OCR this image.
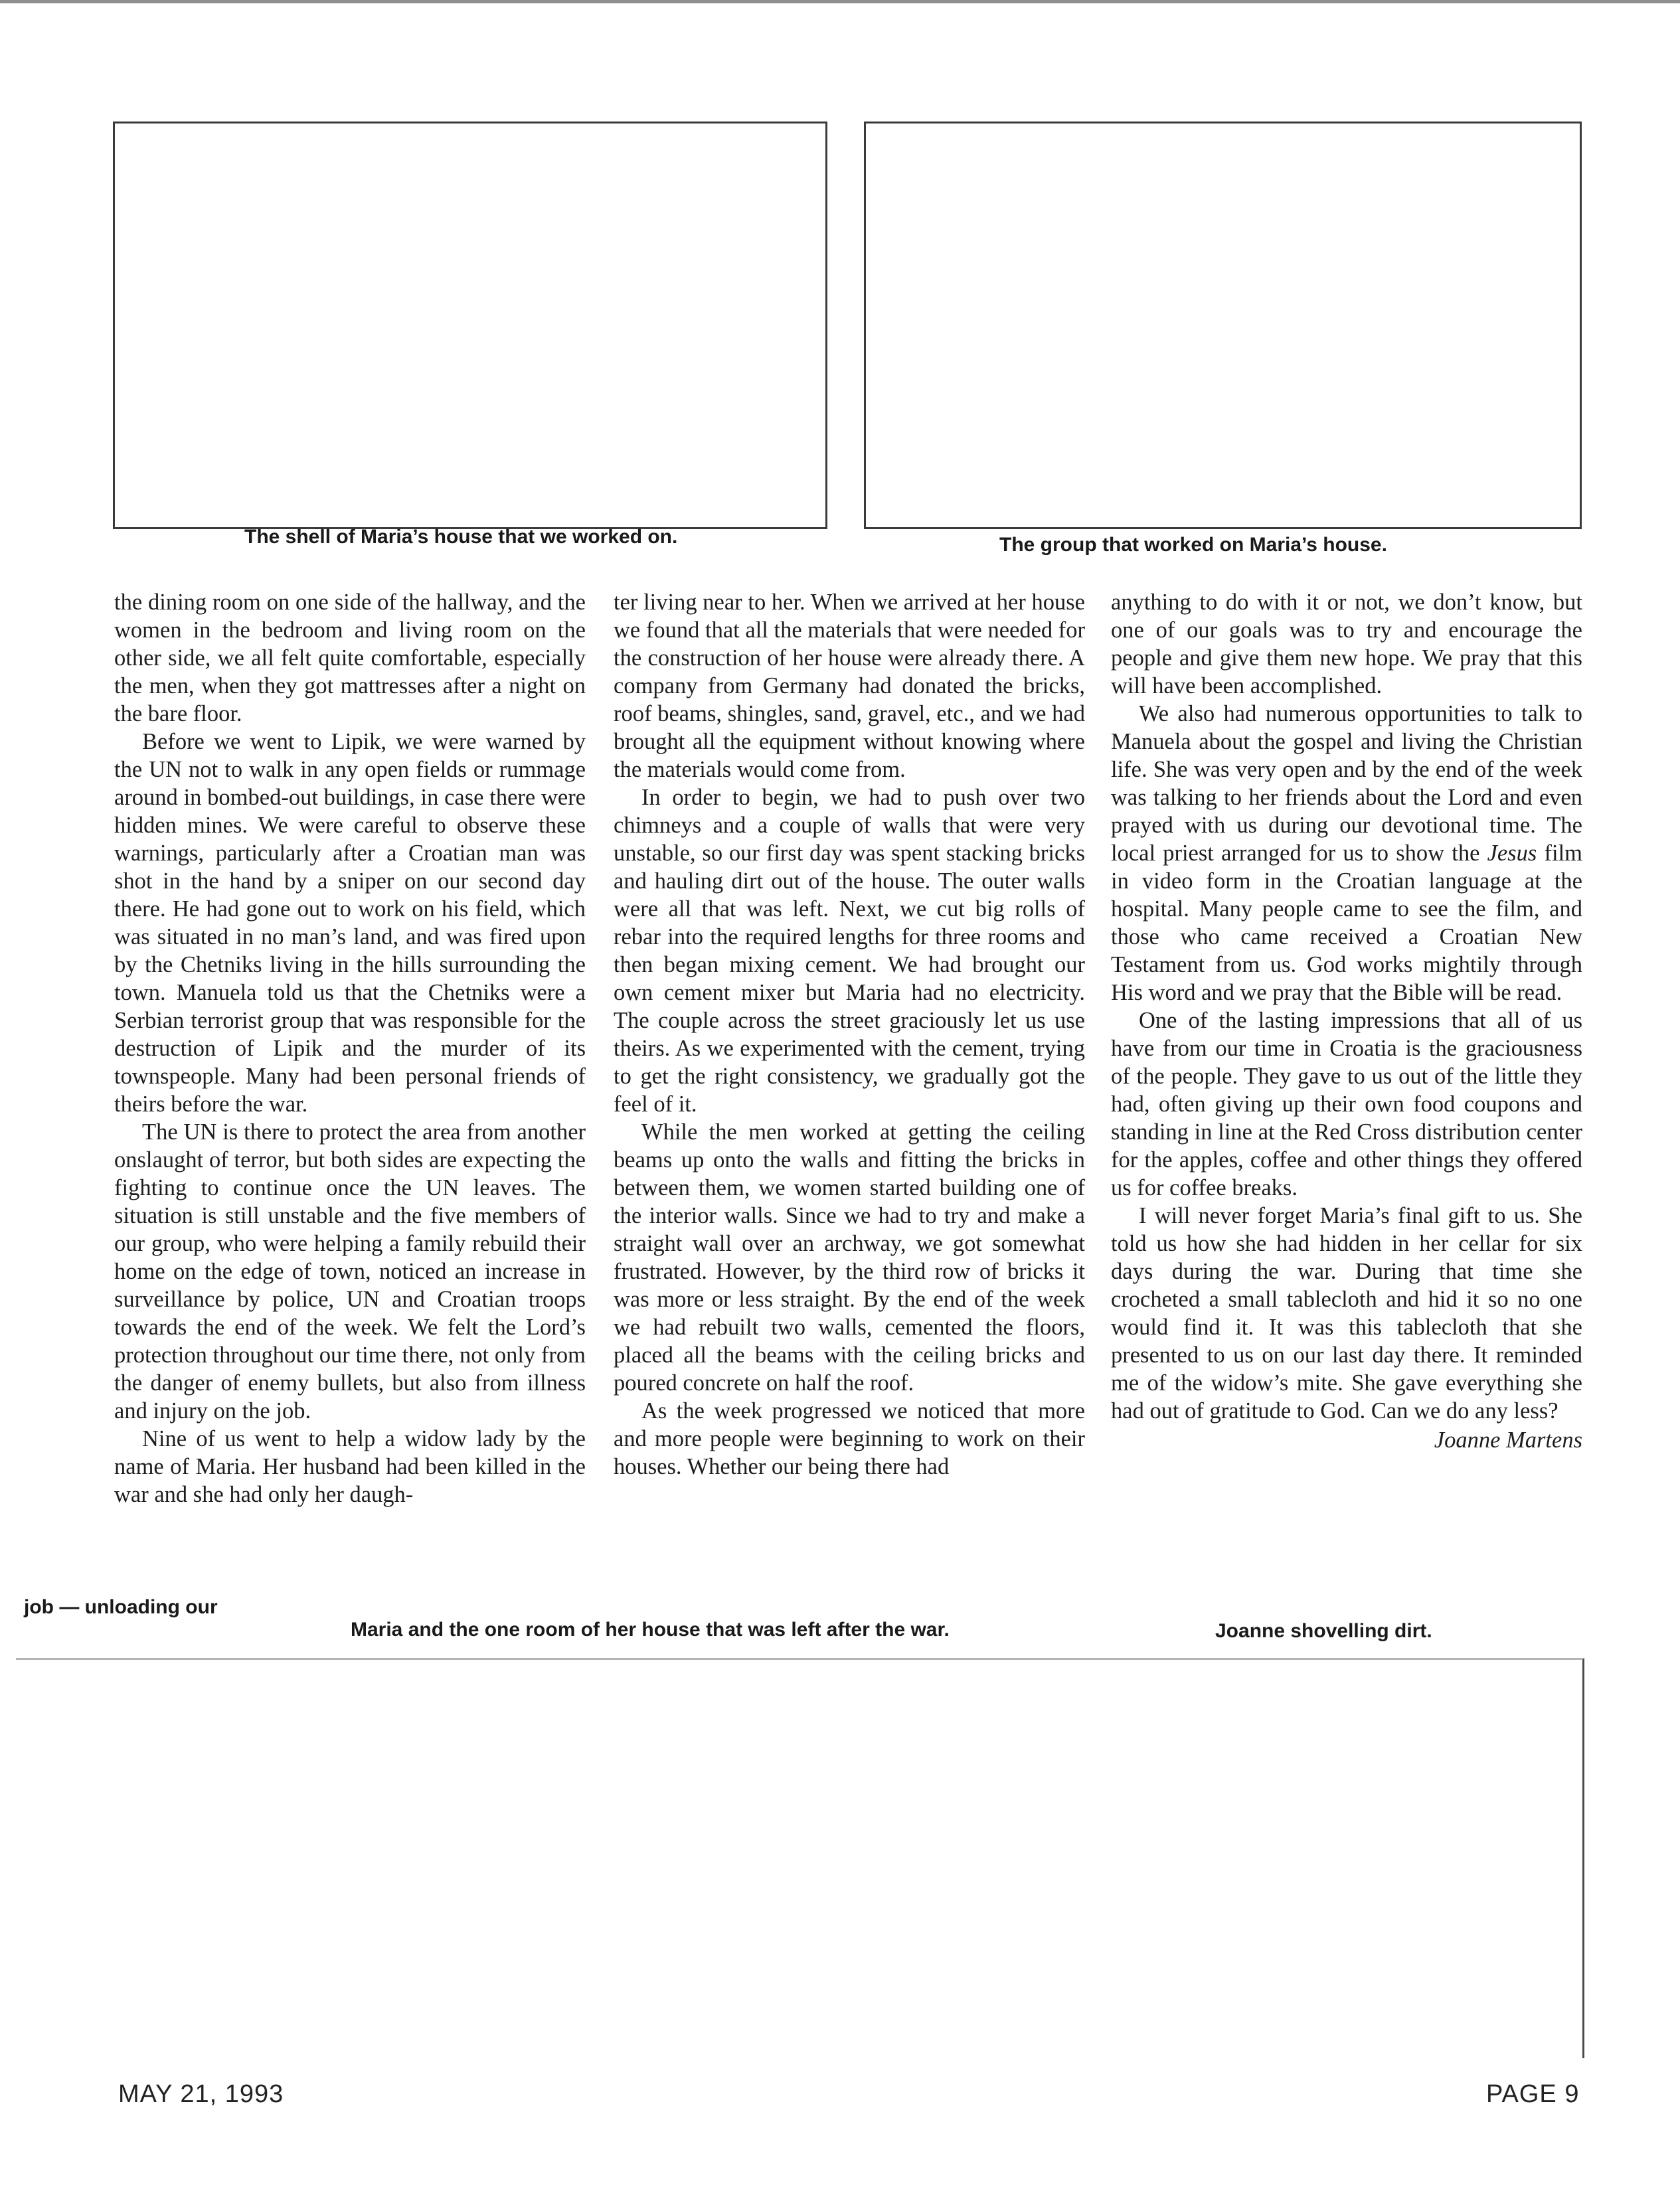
The shell of Maria’s house that we worked on.	The group that worked on Maria’s house.

the dining room on one side of the hallway, and the women in the bedroom and living room on the other side, we all felt quite comfortable, especially the men, when they got mattresses after a night on the bare floor.

Before we went to Lipik, we were warned by the UN not to walk in any open fields or rummage around in bombed-out buildings, in case there were hidden mines. We were careful to observe these warnings, particularly after a Croatian man was shot in the hand by a sniper on our second day there. He had gone out to work on his field, which was situated in no man’s land, and was fired upon by the Chetniks living in the hills surrounding the town. Manuela told us that the Chetniks were a Serbian terrorist group that was responsible for the destruction of Lipik and the murder of its townspeople. Many had been personal friends of theirs before the war.

The UN is there to protect the area from another onslaught of terror, but both sides are expecting the fighting to continue once the UN leaves. The situation is still unstable and the five members of our group, who were helping a family rebuild their home on the edge of town, noticed an increase in surveillance by police, UN and Croatian troops towards the end of the week. We felt the Lord’s protection throughout our time there, not only from the danger of enemy bullets, but also from illness and injury on the job.

Nine of us went to help a widow lady by the name of Maria. Her husband had been killed in the war and she had only her daugh-

ter living near to her. When we arrived at her house we found that all the materials that were needed for the construction of her house were already there. A company from Germany had donated the bricks, roof beams, shingles, sand, gravel, etc., and we had brought all the equipment without knowing where the materials would come from.

In order to begin, we had to push over two chimneys and a couple of walls that were very unstable, so our first day was spent stacking bricks and hauling dirt out of the house. The outer walls were all that was left. Next, we cut big rolls of rebar into the required lengths for three rooms and then began mixing cement. We had brought our own cement mixer but Maria had no electricity. The couple across the street graciously let us use theirs. As we experimented with the cement, trying to get the right consistency, we gradually got the feel of it.

While the men worked at getting the ceiling beams up onto the walls and fitting the bricks in between them, we women started building one of the interior walls. Since we had to try and make a straight wall over an archway, we got somewhat frustrated. However, by the third row of bricks it was more or less straight. By the end of the week we had rebuilt two walls, cemented the floors, placed all the beams with the ceiling bricks and poured concrete on half the roof.

As the week progressed we noticed that more and more people were beginning to work on their houses. Whether our being there had

anything to do with it or not, we don’t know, but one of our goals was to try and encourage the people and give them new hope. We pray that this will have been accomplished.

We also had numerous opportunities to talk to Manuela about the gospel and living the Christian life. She was very open and by the end of the week was talking to her friends about the Lord and even prayed with us during our devotional time. The local priest arranged for us to show the Jesus film in video form in the Croatian language at the hospital. Many people came to see the film, and those who came received a Croatian New Testament from us. God works mightily through His word and we pray that the Bible will be read.

One of the lasting impressions that all of us have from our time in Croatia is the graciousness of the people. They gave to us out of the little they had, often giving up their own food coupons and standing in line at the Red Cross distribution center for the apples, coffee and other things they offered us for coffee breaks.

I will never forget Maria’s final gift to us. She told us how she had hidden in her cellar for six days during the war. During that time she crocheted a small tablecloth and hid it so no one would find it. It was this tablecloth that she presented to us on our last day there. It reminded me of the widow’s mite. She gave everything she had out of gratitude to God. Can we do any less?

Joanne Martens

job — unloading our

Maria and the one room of her house that was left after the war.	Joanne shovelling dirt.

MAY 21, 1993	PAGE 9
